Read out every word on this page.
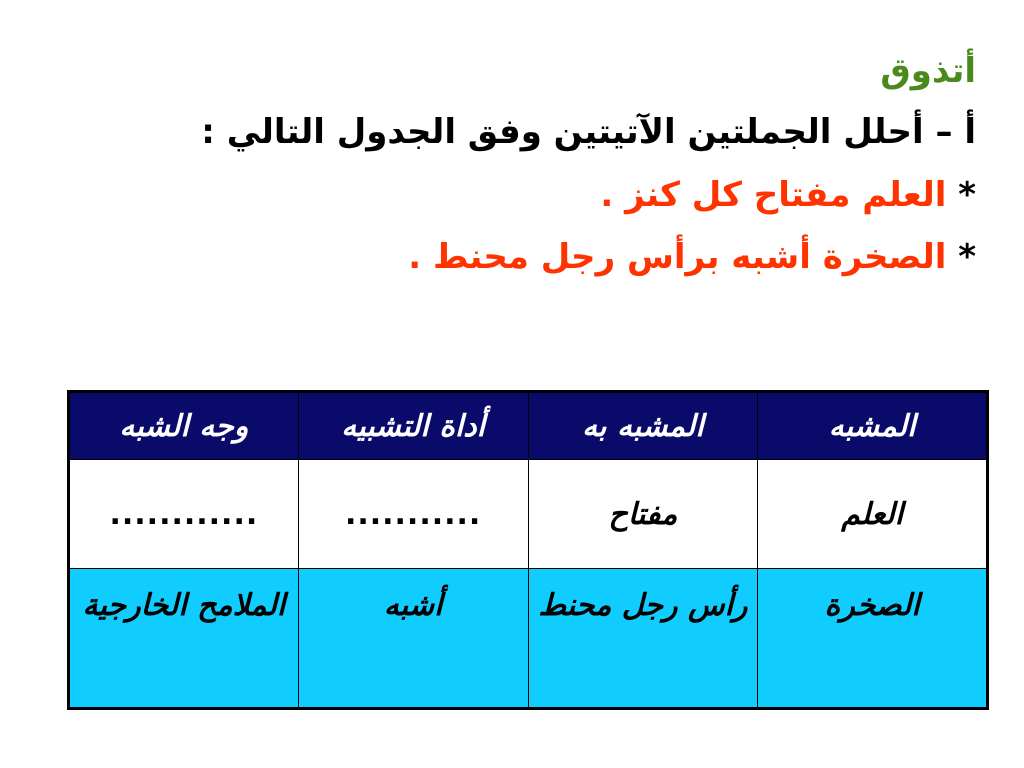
أتذوق
أ – أحلل الجملتين الآتيتين وفق الجدول التالي :
* العلم مفتاح كل كنز .
* الصخرة أشبه برأس رجل محنط .
المشبه	المشبه به	أداة التشبيه	وجه الشبه
العلم	مفتاح	...........	............
الصخرة	رأس رجل محنط	أشبه	الملامح الخارجية
